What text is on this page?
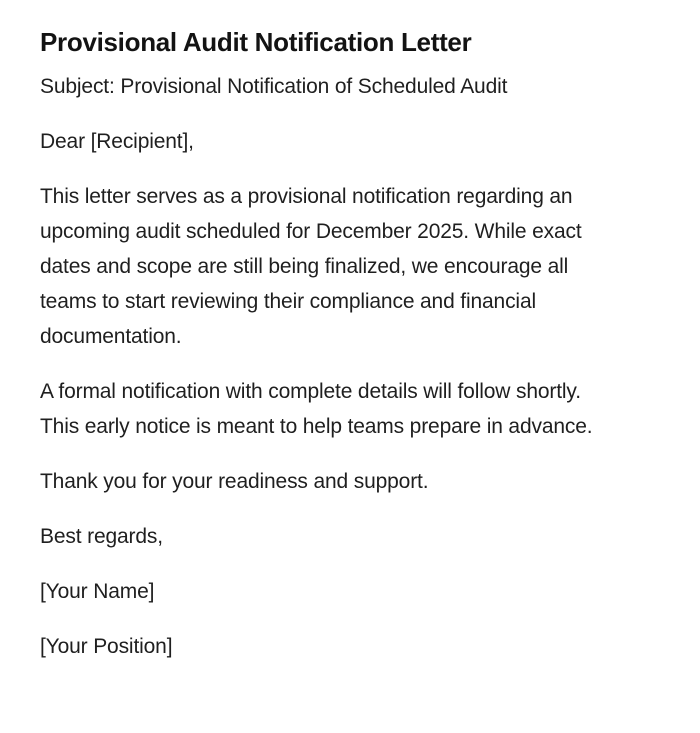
Provisional Audit Notification Letter

Subject: Provisional Notification of Scheduled Audit

Dear [Recipient],

This letter serves as a provisional notification regarding an
upcoming audit scheduled for December 2025. While exact
dates and scope are still being finalized, we encourage all
teams to start reviewing their compliance and financial
documentation.
A formal notification with complete details will follow shortly.
This early notice is meant to help teams prepare in advance.

Thank you for your readiness and support.

Best regards,

[Your Name]

[Your Position]
